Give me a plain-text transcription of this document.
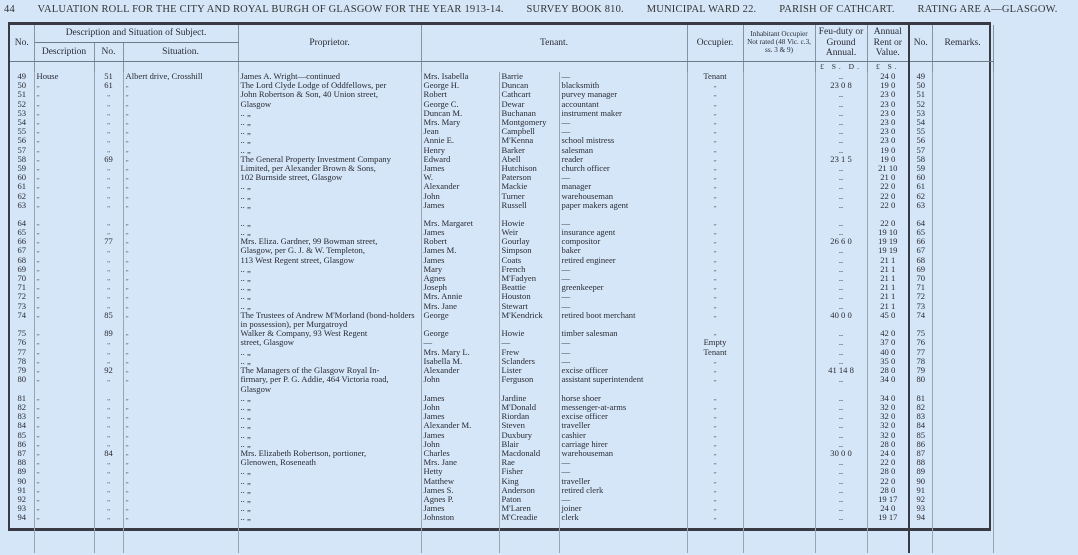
44 VALUATION ROLL FOR THE CITY AND ROYAL BURGH OF GLASGOW FOR THE YEAR 1913-14. SURVEY BOOK 810. MUNICIPAL WARD 22. PARISH OF CATHCART. RATING ARE A—GLASGOW.
No.	Description and Situation of Subject.			Proprietor.	Tenant.			Occupier.	Inhabitant Occupier Not rated (48 Vic. c.3, ss. 3 & 9)	Feu-duty or Ground Annual.	Annual Rent or Value.	No.	Remarks.
	Description	No.	Situation.										
										£ S. D.	£ S.		
49	House	51	Albert drive, Crosshill	James A. Wright—continued	Mrs. Isabella	Barrie	—	Tenant		..	24 0	49	
50	„	61	„	The Lord Clyde Lodge of Oddfellows, per	George H.	Duncan	blacksmith	„		23 0 8	19 0	50	
51	„	„	„	John Robertson & Son, 40 Union street,	Robert	Cathcart	purvey manager	„		..	23 0	51	
52	„	„	„	Glasgow	George C.	Dewar	accountant	„		..	23 0	52	
53	„	„	„	.. „	Duncan M.	Buchanan	instrument maker	„		..	23 0	53	
54	„	„	„	.. „	Mrs. Mary	Montgomery	—	„		..	23 0	54	
55	„	„	„	.. „	Jean	Campbell	—	„		..	23 0	55	
56	„	„	„	.. „	Annie E.	M'Kenna	school mistress	„		..	23 0	56	
57	„	„	„	.. „	Henry	Barker	salesman	„		..	19 0	57	
58	„	69	„	The General Property Investment Company	Edward	Abell	reader	„		23 1 5	19 0	58	
59	„	„	„	Limited, per Alexander Brown & Sons,	James	Hutchison	church officer	„		..	21 10	59	
60	„	„	„	102 Burnside street, Glasgow	W.	Paterson	—	„		..	21 0	60	
61	„	„	„	.. „	Alexander	Mackie	manager	„		..	22 0	61	
62	„	„	„	.. „	John	Turner	warehouseman	„		..	22 0	62	
63	„	„	„	.. „	James	Russell	paper makers agent	„		..	22 0	63	
64	„	„	„	.. „	Mrs. Margaret	Howie	—	„		..	22 0	64	
65	„	„	„	.. „	James	Weir	insurance agent	„		..	19 10	65	
66	„	77	„	Mrs. Eliza. Gardner, 99 Bowman street,	Robert	Gourlay	compositor	„		26 6 0	19 19	66	
67	„	„	„	Glasgow, per G. J. & W. Templeton,	James M.	Simpson	baker	„		..	19 19	67	
68	„	„	„	113 West Regent street, Glasgow	James	Coats	retired engineer	„		..	21 1	68	
69	„	„	„	.. „	Mary	French	—	„		..	21 1	69	
70	„	„	„	.. „	Agnes	M'Fadyen	—	„		..	21 1	70	
71	„	„	„	.. „	Joseph	Beattie	greenkeeper	„		..	21 1	71	
72	„	„	„	.. „	Mrs. Annie	Houston	—	„		..	21 1	72	
73	„	„	„	.. „	Mrs. Jane	Stewart	—	„		..	21 1	73	
74	„	85	„	The Trustees of Andrew M'Morland (bond-holders in possession), per Murgatroyd	George	M'Kendrick	retired boot merchant	„		40 0 0	45 0	74	
75	„	89	„	Walker & Company, 93 West Regent	George	Howie	timber salesman	„		..	42 0	75	
76	„	„	„	street, Glasgow	—	—	—	Empty		..	37 0	76	
77	„	„	„	.. „	Mrs. Mary L.	Frew	—	Tenant		..	40 0	77	
78	„	„	„	.. „	Isabella M.	Sclanders	—	„		..	35 0	78	
79	„	92	„	The Managers of the Glasgow Royal In-	Alexander	Lister	excise officer	„		41 14 8	28 0	79	
80	„	„	„	firmary, per P. G. Addie, 464 Victoria road, Glasgow	John	Ferguson	assistant superintendent	„		..	34 0	80	
81	„	„	„	.. „	James	Jardine	horse shoer	„		..	34 0	81	
82	„	„	„	.. „	John	M'Donald	messenger-at-arms	„		..	32 0	82	
83	„	„	„	.. „	James	Riordan	excise officer	„		..	32 0	83	
84	„	„	„	.. „	Alexander M.	Steven	traveller	„		..	32 0	84	
85	„	„	„	.. „	James	Duxbury	cashier	„		..	32 0	85	
86	„	„	„	.. „	John	Blair	carriage hirer	„		..	28 0	86	
87	„	84	„	Mrs. Elizabeth Robertson, portioner,	Charles	Macdonald	warehouseman	„		30 0 0	24 0	87	
88	„	„	„	Glenowen, Roseneath	Mrs. Jane	Rae	—	„		..	22 0	88	
89	„	„	„	.. „	Hetty	Fisher	—	„		..	28 0	89	
90	„	„	„	.. „	Matthew	King	traveller	„		..	22 0	90	
91	„	„	„	.. „	James S.	Anderson	retired clerk	„		..	28 0	91	
92	„	„	„	.. „	Agnes P.	Paton	—	„		..	19 17	92	
93	„	„	„	.. „	James	M'Laren	joiner	„		..	24 0	93	
94	„	„	„	.. „	Johnston	M'Creadie	clerk	„		..	19 17	94	
